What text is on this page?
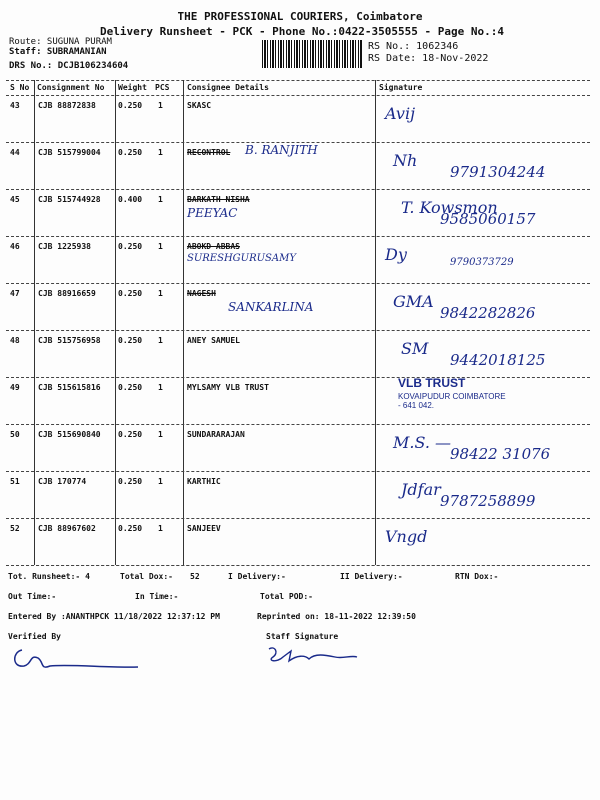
THE PROFESSIONAL COURIERS, Coimbatore
Delivery Runsheet - PCK - Phone No.:0422-3505555 - Page No.:4
Route: SUGUNA PURAM
Staff: SUBRAMANIAN
DRS No.: DCJB106234604
RS No.: 1062346
RS Date: 18-Nov-2022
S No Consignment No Weight PCS Consignee Details	Signature
43 CJB 88872838	0.250 1	SKASC	Avij
44 CJB 515799004 0.250 1	RECONTROL B. RANJITH
Nh
9791304244
45 CJB 515744928 0.400 1	BARKATH NISHA
PEEYAC	T. Kowsmon
9585060157
46 CJB 1225938	0.250 1	ABOKD ABBAS
SURESHGURUSAMY	Dy	9790373729
47 CJB 88916659	0.250 1	NAGESH
SANKARLINA	GMA
9842282826
48 CJB 515756958 0.250 1	ANEY SAMUEL	SM
9442018125
49 CJB 515615816 0.250 1	MYLSAMY VLB TRUST	VLB TRUST
KOVAIPUDUR COIMBATORE - 641 042.
50 CJB 515690840 0.250 1	SUNDARARAJAN	M.S. —
98422 31076
51 CJB 170774	0.250 1	KARTHIC	Jdfar
9787258899
52 CJB 88967602	0.250 1	SANJEEV	Vngd
Tot. Runsheet:- 4	Total Dox:- 52	I Delivery:-	II Delivery:-	RTN Dox:-
Out Time:-	In Time:-	Total POD:-
Entered By :ANANTHPCK 11/18/2022 12:37:12 PM	Reprinted on: 18-11-2022 12:39:50
Verified By	Staff Signature
